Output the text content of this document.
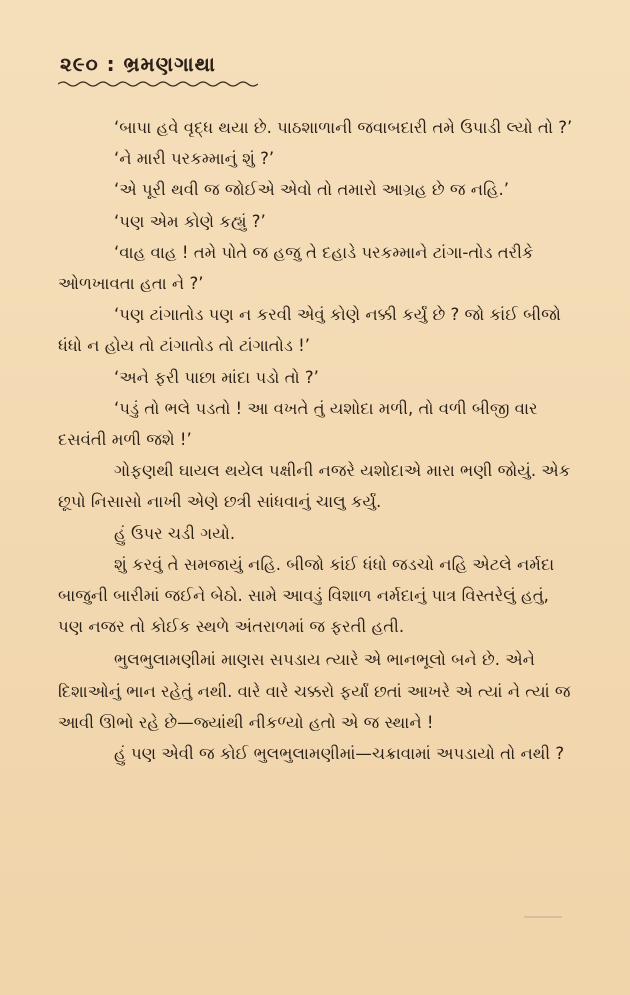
૨૯૦ : ભ્રમણગાથા

‘બાપા હવે વૃદ્ધ થયા છે. પાઠશાળાની જવાબદારી તમે ઉપાડી લ્યો તો ?’

‘ને મારી પરકમ્માનું શું ?’

‘એ પૂરી થવી જ જોઈએ એવો તો તમારો આગ્રહ છે જ નહિ.’

‘પણ એમ કોણે કહ્યું ?’

‘વાહ વાહ ! તમે પોતે જ હજુ તે દહાડે પરકમ્માને ટાંગા-તોડ તરીકે ઓળખાવતા હતા ને ?’

‘પણ ટાંગાતોડ પણ ન કરવી એવું કોણે નક્કી કર્યું છે ? જો કાંઈ બીજો ધંધો ન હોય તો ટાંગાતોડ તો ટાંગાતોડ !’

‘અને ફરી પાછા માંદા પડો તો ?’

‘પડું તો ભલે પડતો ! આ વખતે તું યશોદા મળી, તો વળી બીજી વાર દસવંતી મળી જશે !’

ગોફણથી ઘાયલ થયેલ પક્ષીની નજરે યશોદાએ મારા ભણી જોયું. એક છૂપો નિસાસો નાખી એણે છત્રી સાંધવાનું ચાલુ કર્યું.

હું ઉપર ચડી ગયો.

શું કરવું તે સમજાયું નહિ. બીજો કાંઈ ધંધો જડચો નહિ એટલે નર્મદા બાજુની બારીમાં જઈને બેઠો. સામે આવડું વિશાળ નર્મદાનું પાત્ર વિસ્તરેલું હતું, પણ નજર તો કોઈક સ્થળે અંતરાળમાં જ ફરતી હતી.

ભુલભુલામણીમાં માણસ સપડાય ત્યારે એ ભાનભૂલો બને છે. એને દિશાઓનું ભાન રહેતું નથી. વારે વારે ચક્કરો ફર્યાં છતાં આખરે એ ત્યાં ને ત્યાં જ આવી ઊભો રહે છે—જ્યાંથી નીકળ્યો હતો એ જ સ્થાને !

હું પણ એવી જ કોઈ ભુલભુલામણીમાં—ચક્રાવામાં અપડાયો તો નથી ?
